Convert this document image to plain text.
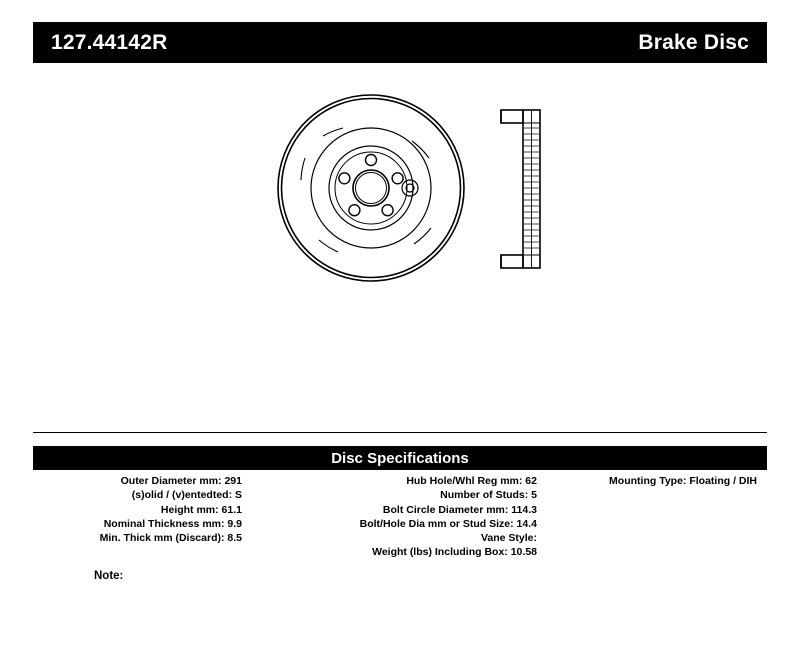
127.44142R	Brake Disc
Disc Specifications
Outer Diameter mm: 291
(s)olid / (v)entedted: S
Height mm: 61.1
Nominal Thickness mm: 9.9
Min. Thick mm (Discard): 8.5
Hub Hole/Whl Reg mm: 62
Number of Studs: 5
Bolt Circle Diameter mm: 114.3
Bolt/Hole Dia mm or Stud Size: 14.4
Vane Style:
Weight (lbs) Including Box: 10.58
Mounting Type: Floating / DIH
Note:
